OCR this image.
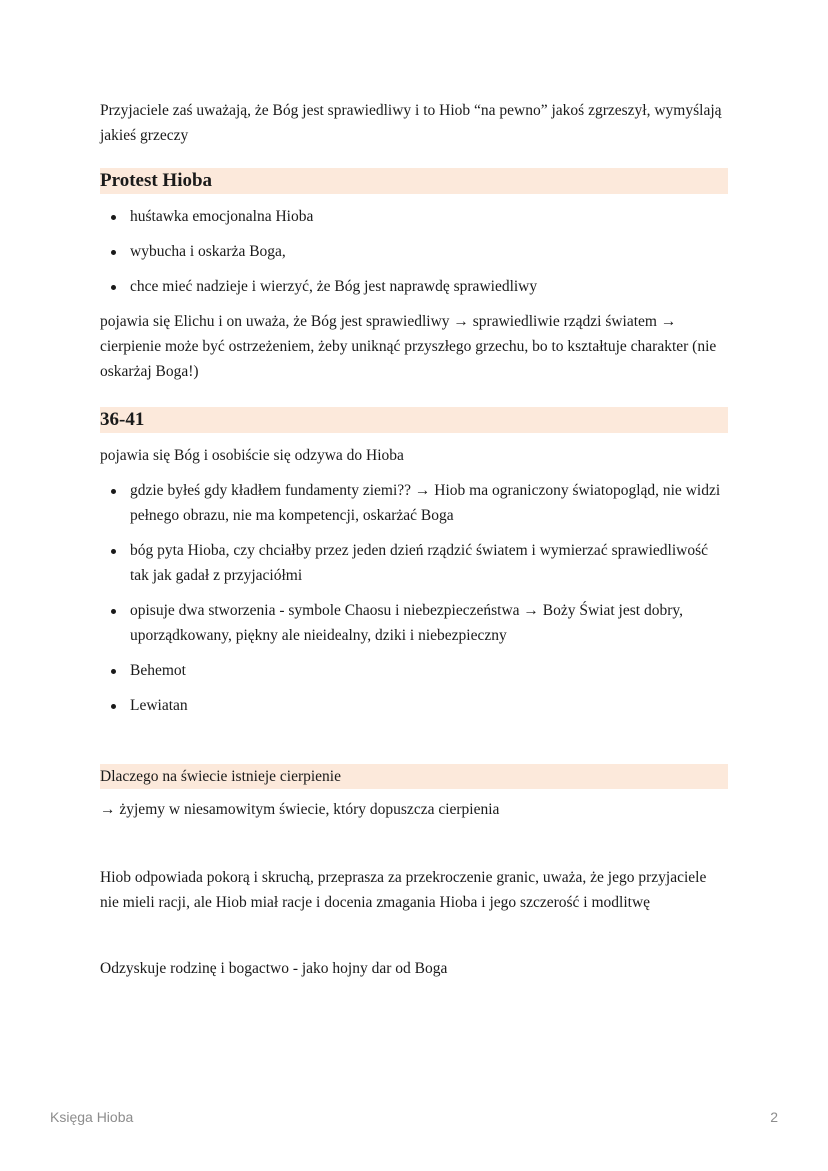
Przyjaciele zaś uważają, że Bóg jest sprawiedliwy i to Hiob “na pewno” jakoś zgrzeszył, wymyślają jakieś grzeczy

Protest Hioba
huśtawka emocjonalna Hioba
wybucha i oskarża Boga,
chce mieć nadzieje i wierzyć, że Bóg jest naprawdę sprawiedliwy

pojawia się Elichu i on uważa, że Bóg jest sprawiedliwy → sprawiedliwie rządzi światem → cierpienie może być ostrzeżeniem, żeby uniknąć przyszłego grzechu, bo to kształtuje charakter (nie oskarżaj Boga!)

36-41

pojawia się Bóg i osobiście się odzywa do Hioba

gdzie byłeś gdy kładłem fundamenty ziemi?? → Hiob ma ograniczony światopogląd, nie widzi pełnego obrazu, nie ma kompetencji, oskarżać Boga
bóg pyta Hioba, czy chciałby przez jeden dzień rządzić światem i wymierzać sprawiedliwość tak jak gadał z przyjaciółmi
opisuje dwa stworzenia - symbole Chaosu i niebezpieczeństwa → Boży Świat jest dobry, uporządkowany, piękny ale nieidealny, dziki i niebezpieczny
Behemot
Lewiatan

Dlaczego na świecie istnieje cierpienie

→ żyjemy w niesamowitym świecie, który dopuszcza cierpienia

Hiob odpowiada pokorą i skruchą, przeprasza za przekroczenie granic, uważa, że jego przyjaciele nie mieli racji, ale Hiob miał racje i docenia zmagania Hioba i jego szczerość i modlitwę

Odzyskuje rodzinę i bogactwo - jako hojny dar od Boga

Księga Hioba	2
